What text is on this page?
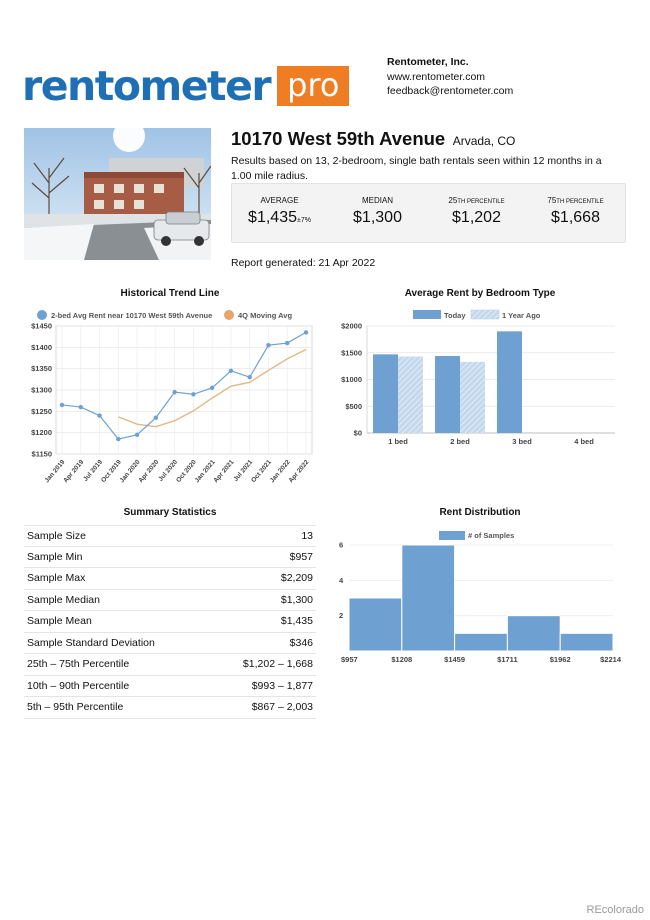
rentometer pro
Rentometer, Inc.
www.rentometer.com
feedback@rentometer.com
10170 West 59th Avenue Arvada, CO
Results based on 13, 2-bedroom, single bath rentals seen within 12 months in a 1.00 mile radius.
AVERAGE
$1,435±7%
MEDIAN
$1,300
25TH PERCENTILE
$1,202
75TH PERCENTILE
$1,668
Report generated: 21 Apr 2022
Historical Trend Line
2-bed Avg Rent near 10170 West 59th Avenue	4Q Moving Avg
$1150
$1200
$1250
$1300
$1350
$1400
$1450
Jan 2019
Apr 2019
Jul 2019
Oct 2019
Jan 2020
Apr 2020
Jul 2020
Oct 2020
Jan 2021
Apr 2021
Jul 2021
Oct 2021
Jan 2022
Apr 2022
Average Rent by Bedroom Type
Today	1 Year Ago
$0
$500
$1000
$1500
$2000
1 bed	2 bed	3 bed	4 bed
Summary Statistics
Sample Size	13
Sample Min	$957
Sample Max	$2,209
Sample Median	$1,300
Sample Mean	$1,435
Sample Standard Deviation	$346
25th – 75th Percentile	$1,202 – 1,668
10th – 90th Percentile	$993 – 1,877
5th – 95th Percentile	$867 – 2,003
Rent Distribution
# of Samples
2
4
6
$957	$1208	$1459	$1711	$1962	$2214
REcolorado
